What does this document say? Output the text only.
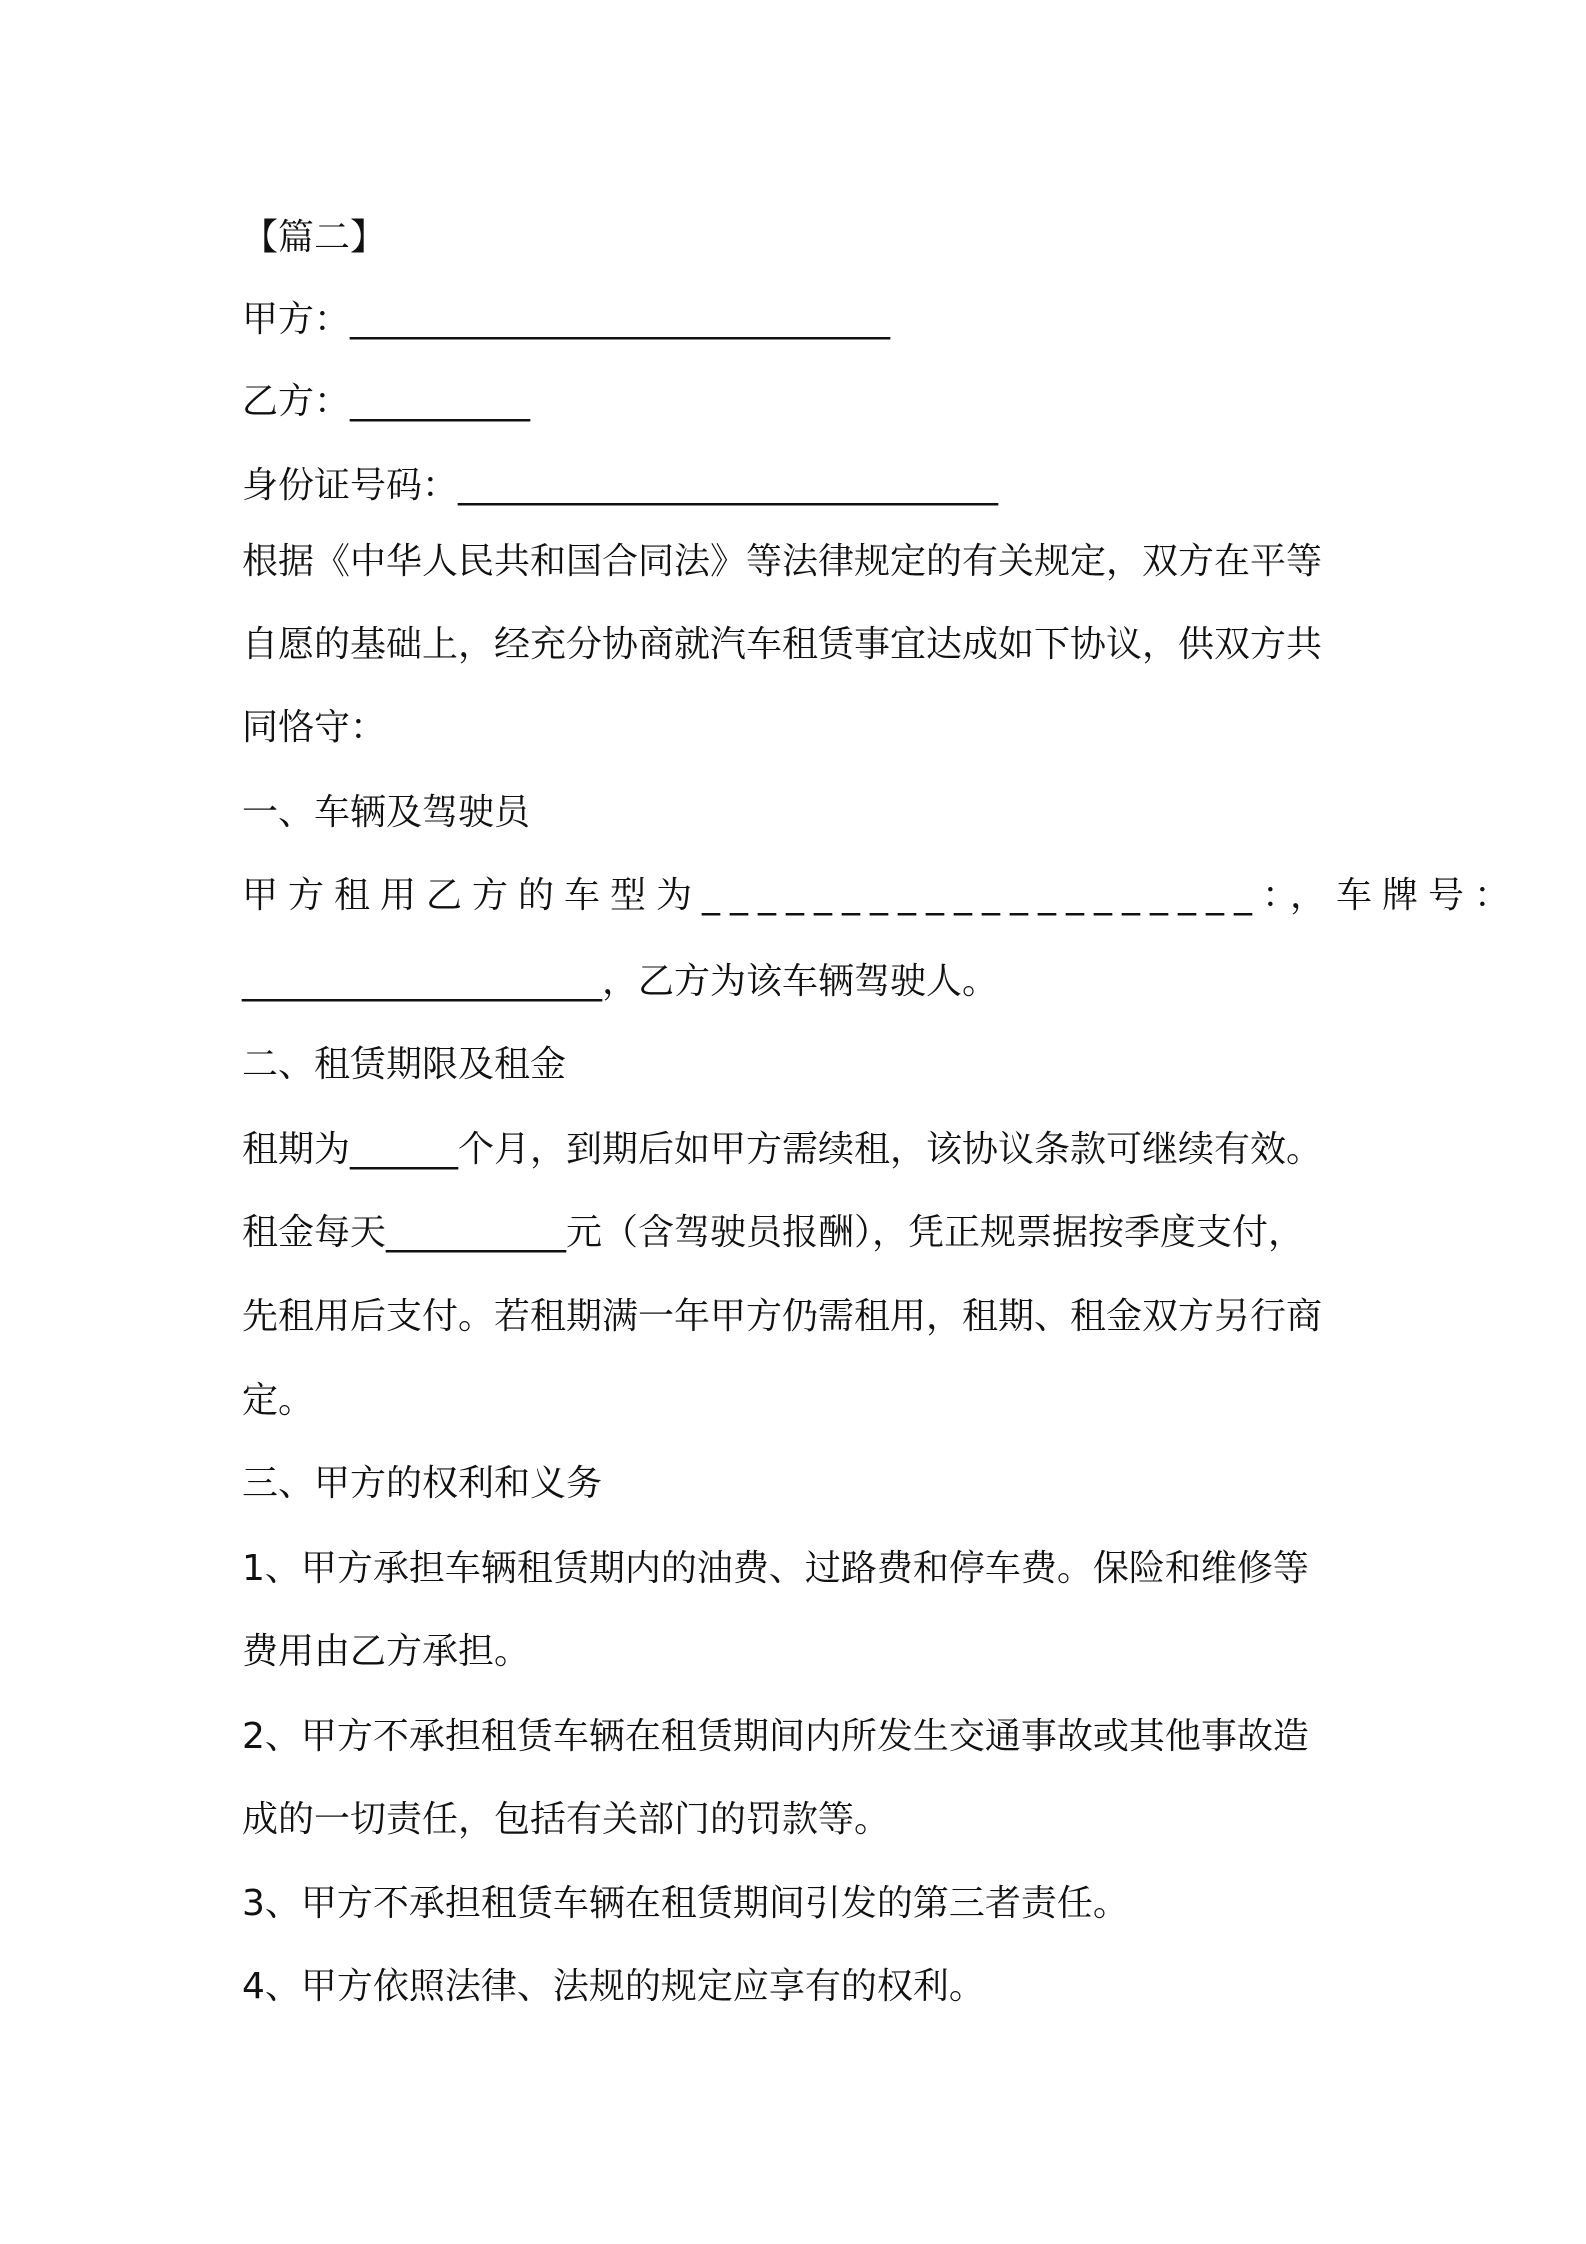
【篇二】
甲方：______________________________
乙方：__________
身份证号码：______________________________
根据《中华人民共和国合同法》等法律规定的有关规定，双方在平等
自愿的基础上，经充分协商就汽车租赁事宜达成如下协议，供双方共
同恪守：
一、车辆及驾驶员
甲方租用乙方的车型为____________________：，车牌号：
____________________，乙方为该车辆驾驶人。
二、租赁期限及租金
租期为______个月，到期后如甲方需续租，该协议条款可继续有效。
租金每天__________元（含驾驶员报酬），凭正规票据按季度支付，
先租用后支付。若租期满一年甲方仍需租用，租期、租金双方另行商
定。
三、甲方的权利和义务
1、甲方承担车辆租赁期内的油费、过路费和停车费。保险和维修等
费用由乙方承担。
2、甲方不承担租赁车辆在租赁期间内所发生交通事故或其他事故造
成的一切责任，包括有关部门的罚款等。
3、甲方不承担租赁车辆在租赁期间引发的第三者责任。
4、甲方依照法律、法规的规定应享有的权利。
